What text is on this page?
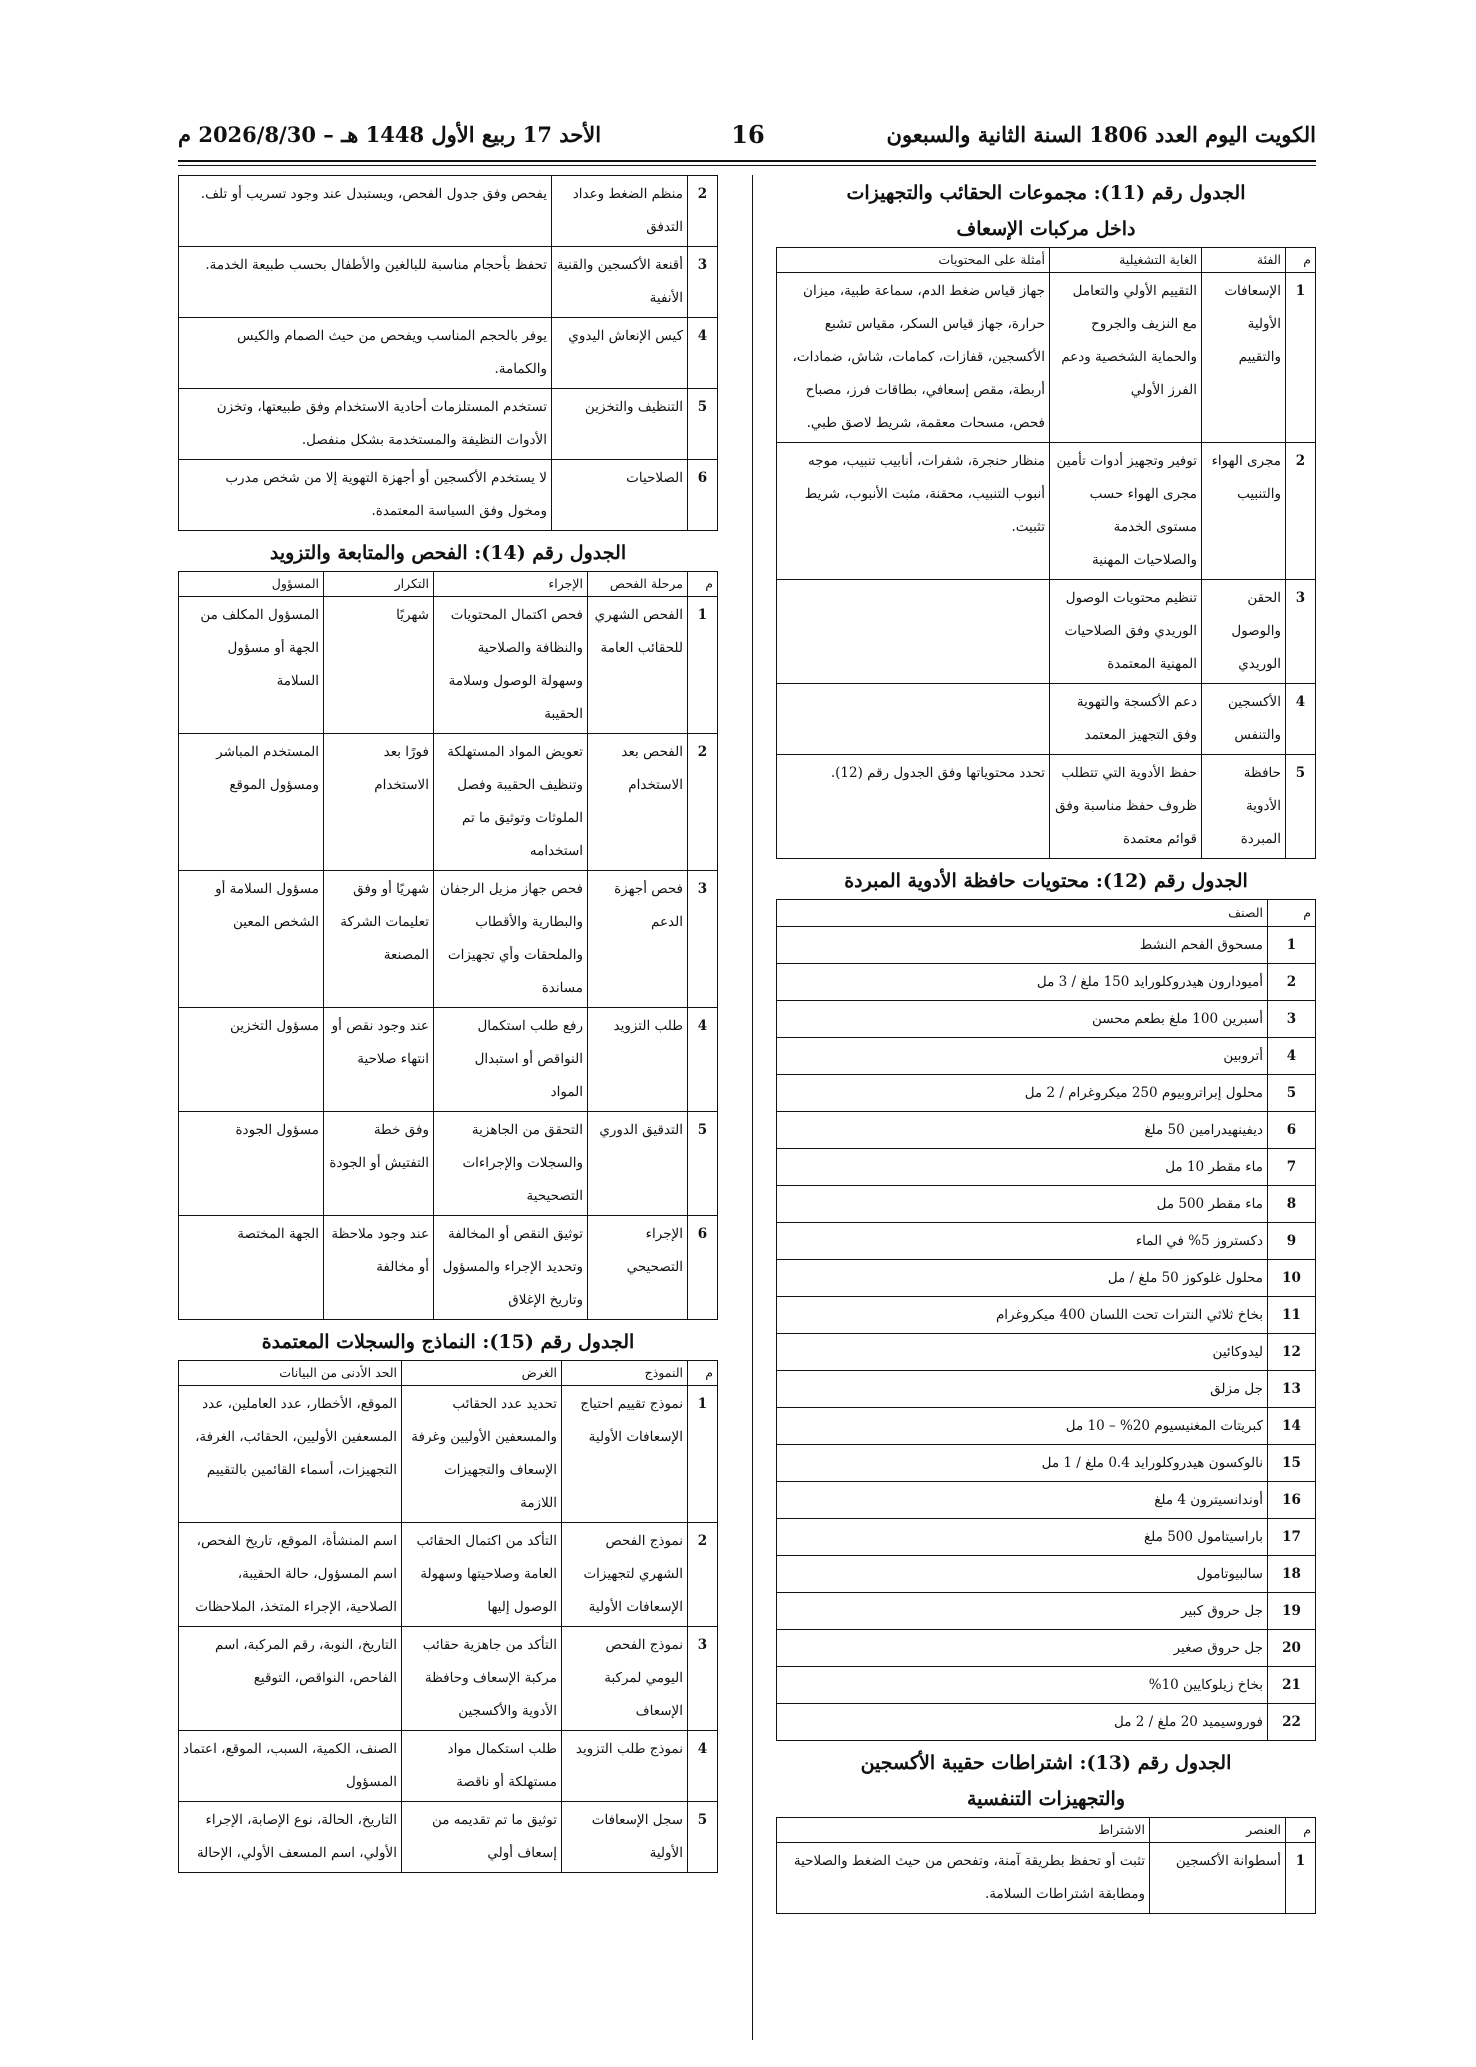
الكويت اليوم العدد 1806 السنة الثانية والسبعون
16
الأحد 17 ربيع الأول 1448 هـ – 2026/8/30 م
الجدول رقم (11): مجموعات الحقائب والتجهيزات
داخل مركبات الإسعاف
م	الفئة	الغاية التشغيلية	أمثلة على المحتويات
1	الإسعافات الأولية والتقييم	التقييم الأولي والتعامل مع النزيف والجروح والحماية الشخصية ودعم الفرز الأولي	جهاز قياس ضغط الدم، سماعة طبية، ميزان حرارة، جهاز قياس السكر، مقياس تشبع الأكسجين، قفازات، كمامات، شاش، ضمادات، أربطة، مقص إسعافي، بطاقات فرز، مصباح فحص، مسحات معقمة، شريط لاصق طبي.
2	مجرى الهواء والتنبيب	توفير وتجهيز أدوات تأمين مجرى الهواء حسب مستوى الخدمة والصلاحيات المهنية	منظار حنجرة، شفرات، أنابيب تنبيب، موجه أنبوب التنبيب، محقنة، مثبت الأنبوب، شريط تثبيت.
3	الحقن والوصول الوريدي	تنظيم محتويات الوصول الوريدي وفق الصلاحيات المهنية المعتمدة	
4	الأكسجين والتنفس	دعم الأكسجة والتهوية وفق التجهيز المعتمد	
5	حافظة الأدوية المبردة	حفظ الأدوية التي تتطلب ظروف حفظ مناسبة وفق قوائم معتمدة	تحدد محتوياتها وفق الجدول رقم (12).
الجدول رقم (12): محتويات حافظة الأدوية المبردة
م	الصنف
1	مسحوق الفحم النشط
2	أميودارون هيدروكلورايد 150 ملغ / 3 مل
3	أسبرين 100 ملغ بطعم محسن
4	أتروبين
5	محلول إبراتروبيوم 250 ميكروغرام / 2 مل
6	ديفينهيدرامين 50 ملغ
7	ماء مقطر 10 مل
8	ماء مقطر 500 مل
9	دكستروز 5% في الماء
10	محلول غلوكوز 50 ملغ / مل
11	بخاخ ثلاثي النترات تحت اللسان 400 ميكروغرام
12	ليدوكائين
13	جل مزلق
14	كبريتات المغنيسيوم 20% – 10 مل
15	نالوكسون هيدروكلورايد 0.4 ملغ / 1 مل
16	أوندانسيترون 4 ملغ
17	باراسيتامول 500 ملغ
18	سالبيوتامول
19	جل حروق كبير
20	جل حروق صغير
21	بخاخ زيلوكايين 10%
22	فوروسيميد 20 ملغ / 2 مل
الجدول رقم (13): اشتراطات حقيبة الأكسجين
والتجهيزات التنفسية
م	العنصر	الاشتراط
1	أسطوانة الأكسجين	تثبت أو تحفظ بطريقة آمنة، وتفحص من حيث الضغط والصلاحية ومطابقة اشتراطات السلامة.
2	منظم الضغط وعداد التدفق	يفحص وفق جدول الفحص، ويستبدل عند وجود تسريب أو تلف.
3	أقنعة الأكسجين والقنية الأنفية	تحفظ بأحجام مناسبة للبالغين والأطفال بحسب طبيعة الخدمة.
4	كيس الإنعاش اليدوي	يوفر بالحجم المناسب ويفحص من حيث الصمام والكيس والكمامة.
5	التنظيف والتخزين	تستخدم المستلزمات أحادية الاستخدام وفق طبيعتها، وتخزن الأدوات النظيفة والمستخدمة بشكل منفصل.
6	الصلاحيات	لا يستخدم الأكسجين أو أجهزة التهوية إلا من شخص مدرب ومخول وفق السياسة المعتمدة.
الجدول رقم (14): الفحص والمتابعة والتزويد
م	مرحلة الفحص	الإجراء	التكرار	المسؤول
1	الفحص الشهري للحقائب العامة	فحص اكتمال المحتويات والنظافة والصلاحية وسهولة الوصول وسلامة الحقيبة	شهريًا	المسؤول المكلف من الجهة أو مسؤول السلامة
2	الفحص بعد الاستخدام	تعويض المواد المستهلكة وتنظيف الحقيبة وفصل الملوثات وتوثيق ما تم استخدامه	فورًا بعد الاستخدام	المستخدم المباشر ومسؤول الموقع
3	فحص أجهزة الدعم	فحص جهاز مزيل الرجفان والبطارية والأقطاب والملحقات وأي تجهيزات مساندة	شهريًا أو وفق تعليمات الشركة المصنعة	مسؤول السلامة أو الشخص المعين
4	طلب التزويد	رفع طلب استكمال النواقص أو استبدال المواد	عند وجود نقص أو انتهاء صلاحية	مسؤول التخزين
5	التدقيق الدوري	التحقق من الجاهزية والسجلات والإجراءات التصحيحية	وفق خطة التفتيش أو الجودة	مسؤول الجودة
6	الإجراء التصحيحي	توثيق النقص أو المخالفة وتحديد الإجراء والمسؤول وتاريخ الإغلاق	عند وجود ملاحظة أو مخالفة	الجهة المختصة
الجدول رقم (15): النماذج والسجلات المعتمدة
م	النموذج	الغرض	الحد الأدنى من البيانات
1	نموذج تقييم احتياج الإسعافات الأولية	تحديد عدد الحقائب والمسعفين الأوليين وغرفة الإسعاف والتجهيزات اللازمة	الموقع، الأخطار، عدد العاملين، عدد المسعفين الأوليين، الحقائب، الغرفة، التجهيزات، أسماء القائمين بالتقييم
2	نموذج الفحص الشهري لتجهيزات الإسعافات الأولية	التأكد من اكتمال الحقائب العامة وصلاحيتها وسهولة الوصول إليها	اسم المنشأة، الموقع، تاريخ الفحص، اسم المسؤول، حالة الحقيبة، الصلاحية، الإجراء المتخذ، الملاحظات
3	نموذج الفحص اليومي لمركبة الإسعاف	التأكد من جاهزية حقائب مركبة الإسعاف وحافظة الأدوية والأكسجين	التاريخ، النوبة، رقم المركبة، اسم الفاحص، النواقص، التوقيع
4	نموذج طلب التزويد	طلب استكمال مواد مستهلكة أو ناقصة	الصنف، الكمية، السبب، الموقع، اعتماد المسؤول
5	سجل الإسعافات الأولية	توثيق ما تم تقديمه من إسعاف أولي	التاريخ، الحالة، نوع الإصابة، الإجراء الأولي، اسم المسعف الأولي، الإحالة
